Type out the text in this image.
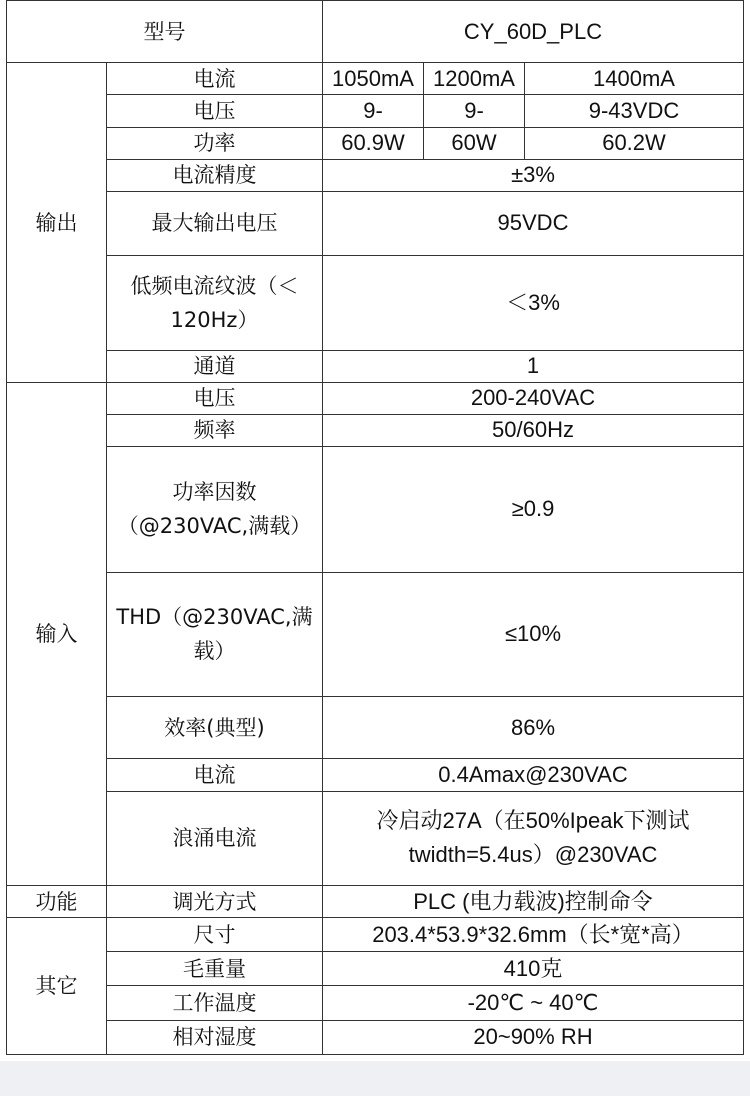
型号		CY_60D_PLC		
输出	电流	1050mA	1200mA	1400mA
	电压	9-	9-	9-43VDC
	功率	60.9W	60W	60.2W
	电流精度	±3%		
	最大输出电压	95VDC		
	低频电流纹波（＜120Hz）	＜3%		
	通道	1		
输入	电压	200-240VAC		
	频率	50/60Hz		
	功率因数（@230VAC,满载）	≥0.9		
	THD（@230VAC,满载）	≤10%		
	效率(典型)	86%		
	电流	0.4Amax@230VAC		
	浪涌电流	冷启动27A（在50%Ipeak下测试twidth=5.4us）@230VAC		
功能	调光方式	PLC (电力载波)控制命令		
其它	尺寸	203.4*53.9*32.6mm（长*宽*高）		
	毛重量	410克		
	工作温度	-20℃ ~ 40℃		
	相对湿度	20~90% RH		
